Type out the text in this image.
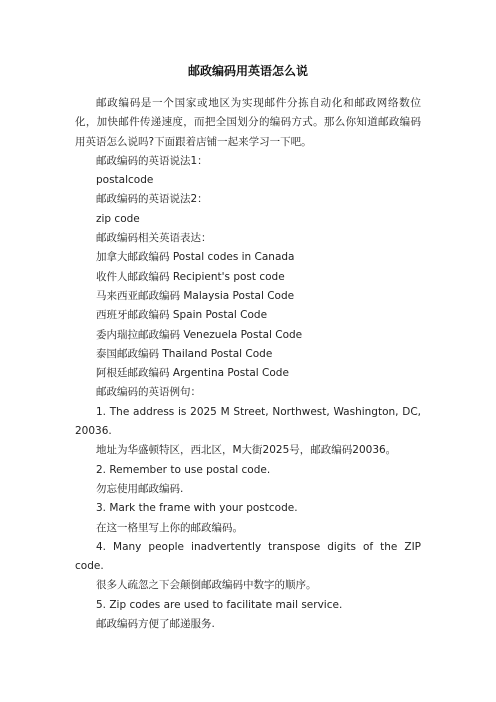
邮政编码用英语怎么说

邮政编码是一个国家或地区为实现邮件分拣自动化和邮政网络数位化，加快邮件传递速度，而把全国划分的编码方式。那么你知道邮政编码用英语怎么说吗?下面跟着店铺一起来学习一下吧。

邮政编码的英语说法1：

postalcode

邮政编码的英语说法2：

zip code

邮政编码相关英语表达：

加拿大邮政编码 Postal codes in Canada

收件人邮政编码 Recipient's post code

马来西亚邮政编码 Malaysia Postal Code

西班牙邮政编码 Spain Postal Code

委内瑞拉邮政编码 Venezuela Postal Code

泰国邮政编码 Thailand Postal Code

阿根廷邮政编码 Argentina Postal Code

邮政编码的英语例句：

1. The address is 2025 M Street, Northwest, Washington, DC, 20036.

地址为华盛顿特区，西北区，M大街2025号，邮政编码20036。

2. Remember to use postal code.

勿忘使用邮政编码.

3. Mark the frame with your postcode.

在这一格里写上你的邮政编码。

4. Many people inadvertently transpose digits of the ZIP code.

很多人疏忽之下会颠倒邮政编码中数字的顺序。

5. Zip codes are used to facilitate mail service.

邮政编码方便了邮递服务.
